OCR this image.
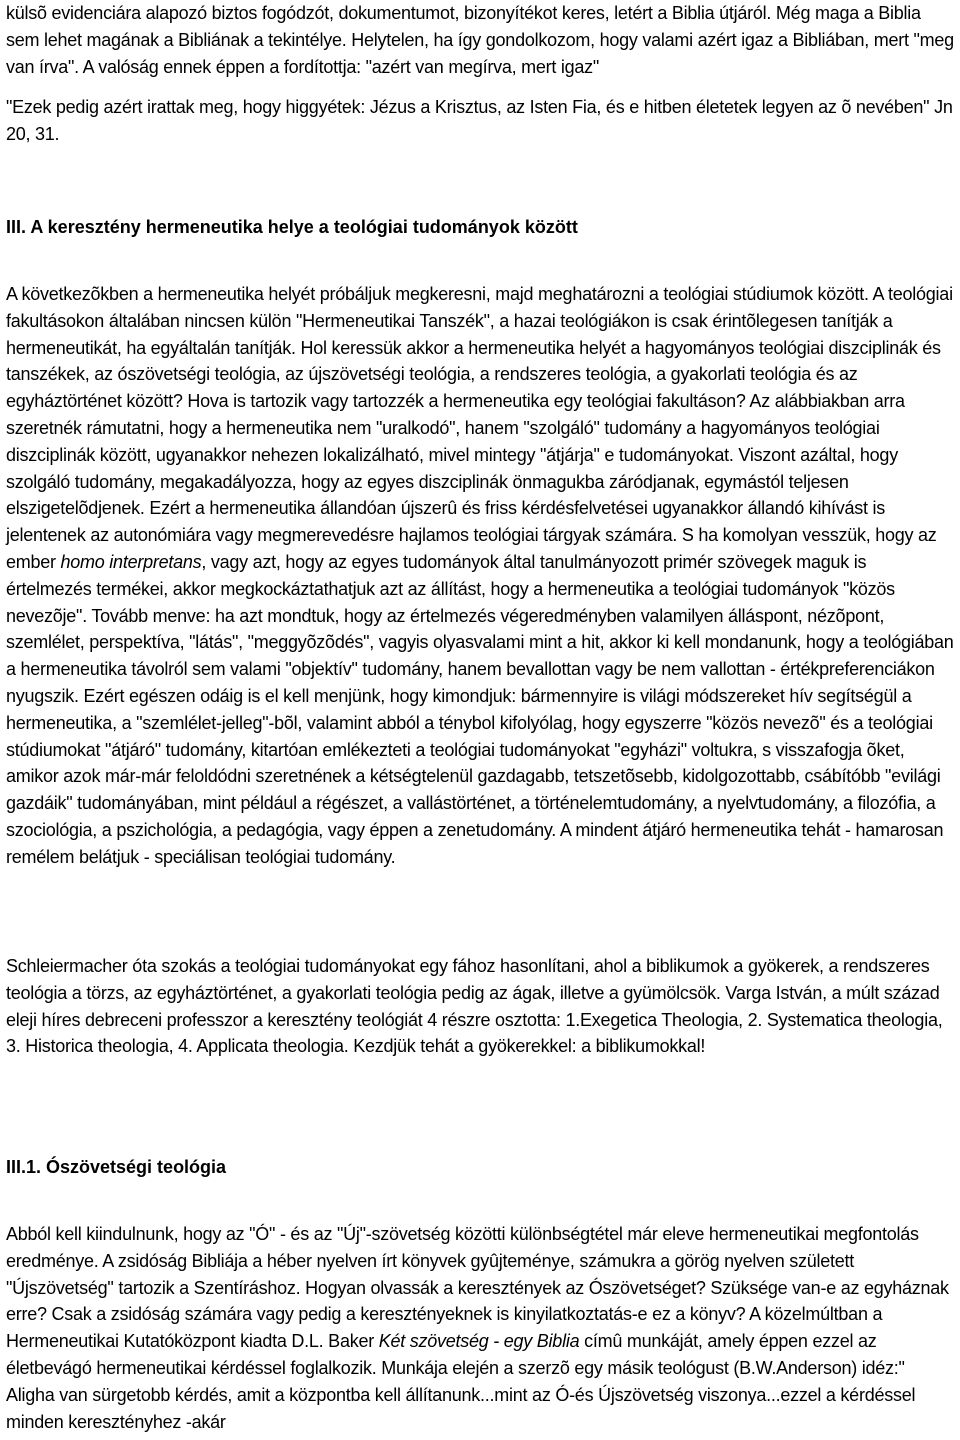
külsõ evidenciára alapozó biztos fogódzót, dokumentumot, bizonyítékot keres, letért a Biblia útjáról. Még maga a Biblia sem lehet magának a Bibliának a tekintélye. Helytelen, ha így gondolkozom, hogy valami azért igaz a Bibliában, mert "meg van írva". A valóság ennek éppen a fordítottja: "azért van megírva, mert igaz"

"Ezek pedig azért irattak meg, hogy higgyétek: Jézus a Krisztus, az Isten Fia, és e hitben életetek legyen az õ nevében" Jn 20, 31.

III. A keresztény hermeneutika helye a teológiai tudományok között

A következõkben a hermeneutika helyét próbáljuk megkeresni, majd meghatározni a teológiai stúdiumok között. A teológiai fakultásokon általában nincsen külön "Hermeneutikai Tanszék", a hazai teológiákon is csak érintõlegesen tanítják a hermeneutikát, ha egyáltalán tanítják. Hol keressük akkor a hermeneutika helyét a hagyományos teológiai diszciplinák és tanszékek, az ószövetségi teológia, az újszövetségi teológia, a rendszeres teológia, a gyakorlati teológia és az egyháztörténet között? Hova is tartozik vagy tartozzék a hermeneutika egy teológiai fakultáson? Az alábbiakban arra szeretnék rámutatni, hogy a hermeneutika nem "uralkodó", hanem "szolgáló" tudomány a hagyományos teológiai diszciplinák között, ugyanakkor nehezen lokalizálható, mivel mintegy "átjárja" e tudományokat. Viszont azáltal, hogy szolgáló tudomány, megakadályozza, hogy az egyes diszciplinák önmagukba záródjanak, egymástól teljesen elszigetelõdjenek. Ezért a hermeneutika állandóan újszerû és friss kérdésfelvetései ugyanakkor állandó kihívást is jelentenek az autonómiára vagy megmerevedésre hajlamos teológiai tárgyak számára. S ha komolyan vesszük, hogy az ember homo interpretans, vagy azt, hogy az egyes tudományok által tanulmányozott primér szövegek maguk is értelmezés termékei, akkor megkockáztathatjuk azt az állítást, hogy a hermeneutika a teológiai tudományok "közös nevezõje". Tovább menve: ha azt mondtuk, hogy az értelmezés végeredményben valamilyen álláspont, nézõpont, szemlélet, perspektíva, "látás", "meggyõzõdés", vagyis olyasvalami mint a hit, akkor ki kell mondanunk, hogy a teológiában a hermeneutika távolról sem valami "objektív" tudomány, hanem bevallottan vagy be nem vallottan - értékpreferenciákon nyugszik. Ezért egészen odáig is el kell menjünk, hogy kimondjuk: bármennyire is világi módszereket hív segítségül a hermeneutika, a "szemlélet-jelleg"-bõl, valamint abból a ténybol kifolyólag, hogy egyszerre "közös nevezõ" és a teológiai stúdiumokat "átjáró" tudomány, kitartóan emlékezteti a teológiai tudományokat "egyházi" voltukra, s visszafogja õket, amikor azok már-már feloldódni szeretnének a kétségtelenül gazdagabb, tetszetõsebb, kidolgozottabb, csábítóbb "evilági gazdáik" tudományában, mint például a régészet, a vallástörténet, a történelemtudomány, a nyelvtudomány, a filozófia, a szociológia, a pszichológia, a pedagógia, vagy éppen a zenetudomány. A mindent átjáró hermeneutika tehát - hamarosan remélem belátjuk - speciálisan teológiai tudomány.

Schleiermacher óta szokás a teológiai tudományokat egy fához hasonlítani, ahol a biblikumok a gyökerek, a rendszeres teológia a törzs, az egyháztörténet, a gyakorlati teológia pedig az ágak, illetve a gyümölcsök. Varga István, a múlt század eleji híres debreceni professzor a keresztény teológiát 4 részre osztotta: 1.Exegetica Theologia, 2. Systematica theologia, 3. Historica theologia, 4. Applicata theologia. Kezdjük tehát a gyökerekkel: a biblikumokkal!

III.1. Ószövetségi teológia

Abból kell kiindulnunk, hogy az "Ó" - és az "Új"-szövetség közötti különbségtétel már eleve hermeneutikai megfontolás eredménye. A zsidóság Bibliája a héber nyelven írt könyvek gyûjteménye, számukra a görög nyelven született "Újszövetség" tartozik a Szentíráshoz. Hogyan olvassák a keresztények az Ószövetséget? Szüksége van-e az egyháznak erre? Csak a zsidóság számára vagy pedig a keresztényeknek is kinyilatkoztatás-e ez a könyv? A közelmúltban a Hermeneutikai Kutatóközpont kiadta D.L. Baker Két szövetség - egy Biblia címû munkáját, amely éppen ezzel az életbevágó hermeneutikai kérdéssel foglalkozik. Munkája elején a szerzõ egy másik teológust (B.W.Anderson) idéz:" Aligha van sürgetobb kérdés, amit a központba kell állítanunk...mint az Ó-és Újszövetség viszonya...ezzel a kérdéssel minden keresztényhez -akár
